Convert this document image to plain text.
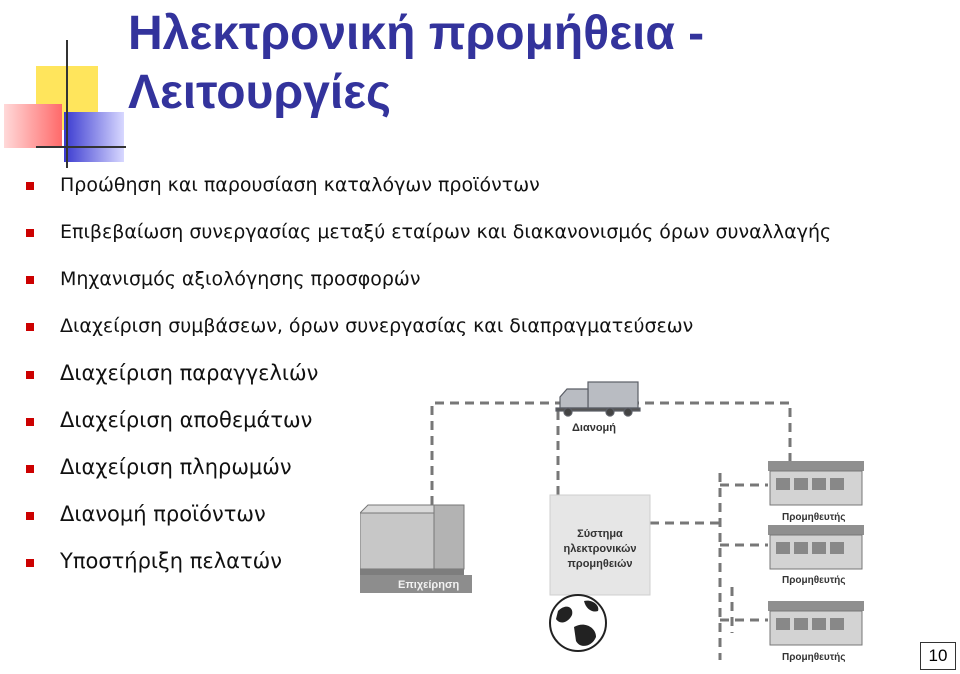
Ηλεκτρονική προμήθεια - Λειτουργίες
Προώθηση και παρουσίαση καταλόγων προϊόντων
Επιβεβαίωση συνεργασίας μεταξύ εταίρων και διακανονισμός όρων συναλλαγής
Μηχανισμός αξιολόγησης προσφορών
Διαχείριση συμβάσεων, όρων συνεργασίας και διαπραγματεύσεων
Διαχείριση παραγγελιών
Διαχείριση αποθεμάτων
Διαχείριση πληρωμών
Διανομή προϊόντων
Υποστήριξη πελατών
Διανομή
Επιχείρηση
Σύστημα
ηλεκτρονικών
προμηθειών
Προμηθευτής
Προμηθευτής
Προμηθευτής	10
